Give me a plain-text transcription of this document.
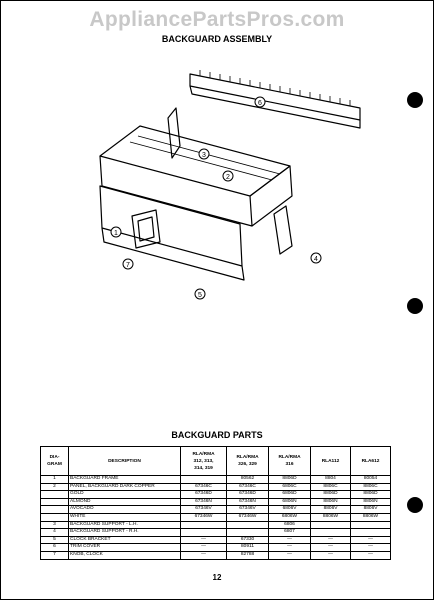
AppliancePartsPros.com
BACKGUARD ASSEMBLY
6
3
2
1
7
4
5
BACKGUARD PARTS
DIA-
GRAM	DESCRIPTION	RLA/RMA
312, 313,
314, 319	RLA/RMA
326, 329	RLA/RMA
316	RLA112	RLA612
1	BACKGUARD FRAME		80562	8806D	8804	80054
2	PANEL, BACKGUARD DARK COPPER	67346C	67346C	6806C	8806C	8806C
	GOLD	67346D	67346D	6806D	8806D	8806D
	ALMOND	67346N	67346N	6806N	8806N	8806N
	AVOCADO	67346V	67346V	6806V	8806V	8806V
	WHITE	67346W	67346W	6806W	8806W	8806W
3	BACKGUARD SUPPORT - L.H.			6806		
4	BACKGUARD SUPPORT - R.H.			6807		
5	CLOCK BRACKET	—	67330	—	—	—
6	TRIM COVER	—	80911	—	—	—
7	KNOB, CLOCK	—	82788	—	—	—
12
